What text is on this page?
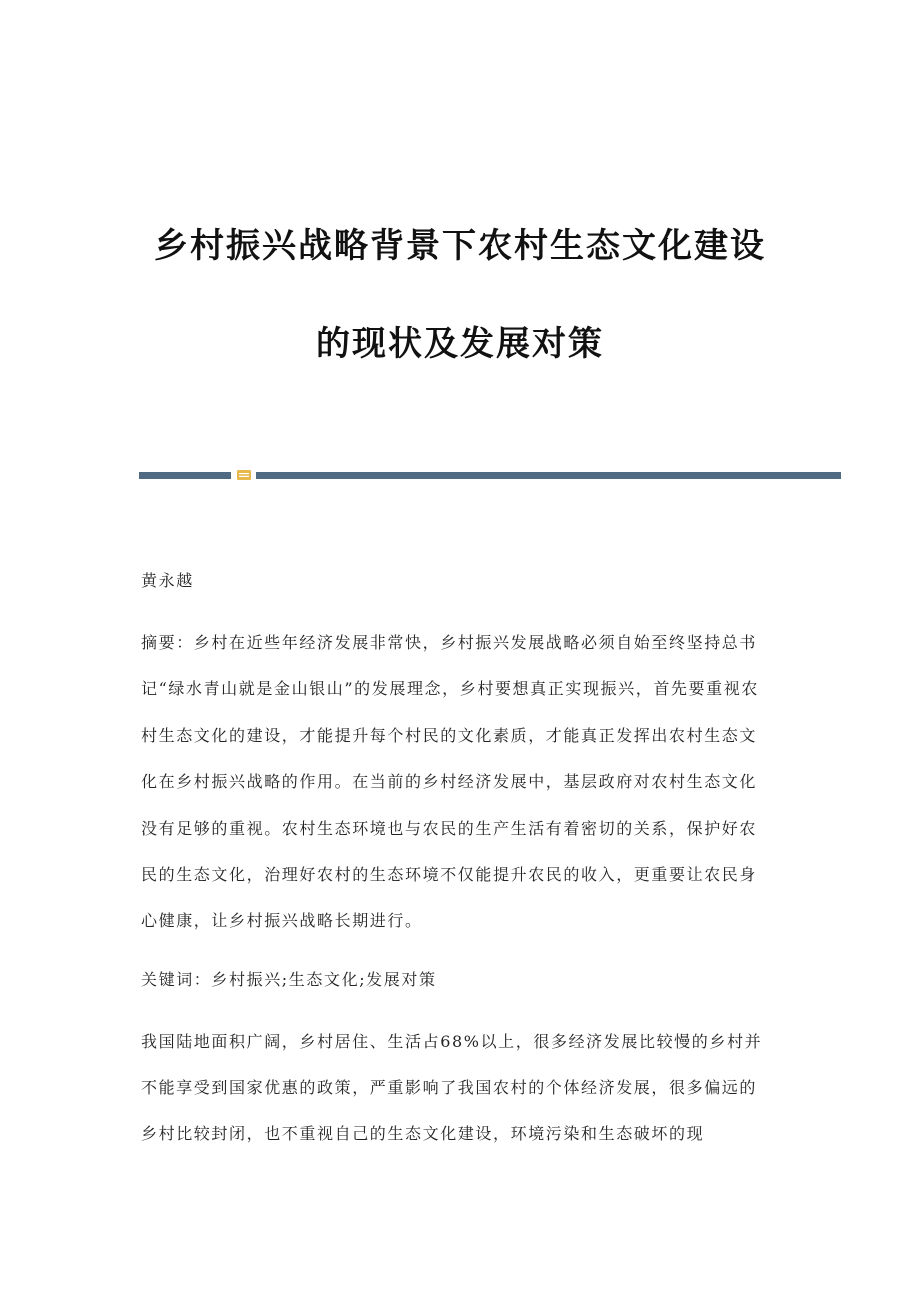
乡村振兴战略背景下农村生态文化建设
的现状及发展对策
黄永越

摘要：乡村在近些年经济发展非常快，乡村振兴发展战略必须自始至终坚持总书记“绿水青山就是金山银山”的发展理念，乡村要想真正实现振兴，首先要重视农村生态文化的建设，才能提升每个村民的文化素质，才能真正发挥出农村生态文化在乡村振兴战略的作用。在当前的乡村经济发展中，基层政府对农村生态文化没有足够的重视。农村生态环境也与农民的生产生活有着密切的关系，保护好农民的生态文化，治理好农村的生态环境不仅能提升农民的收入，更重要让农民身心健康，让乡村振兴战略长期进行。

关键词：乡村振兴;生态文化;发展对策

我国陆地面积广阔，乡村居住、生活占68%以上，很多经济发展比较慢的乡村并不能享受到国家优惠的政策，严重影响了我国农村的个体经济发展，很多偏远的乡村比较封闭，也不重视自己的生态文化建设，环境污染和生态破坏的现
